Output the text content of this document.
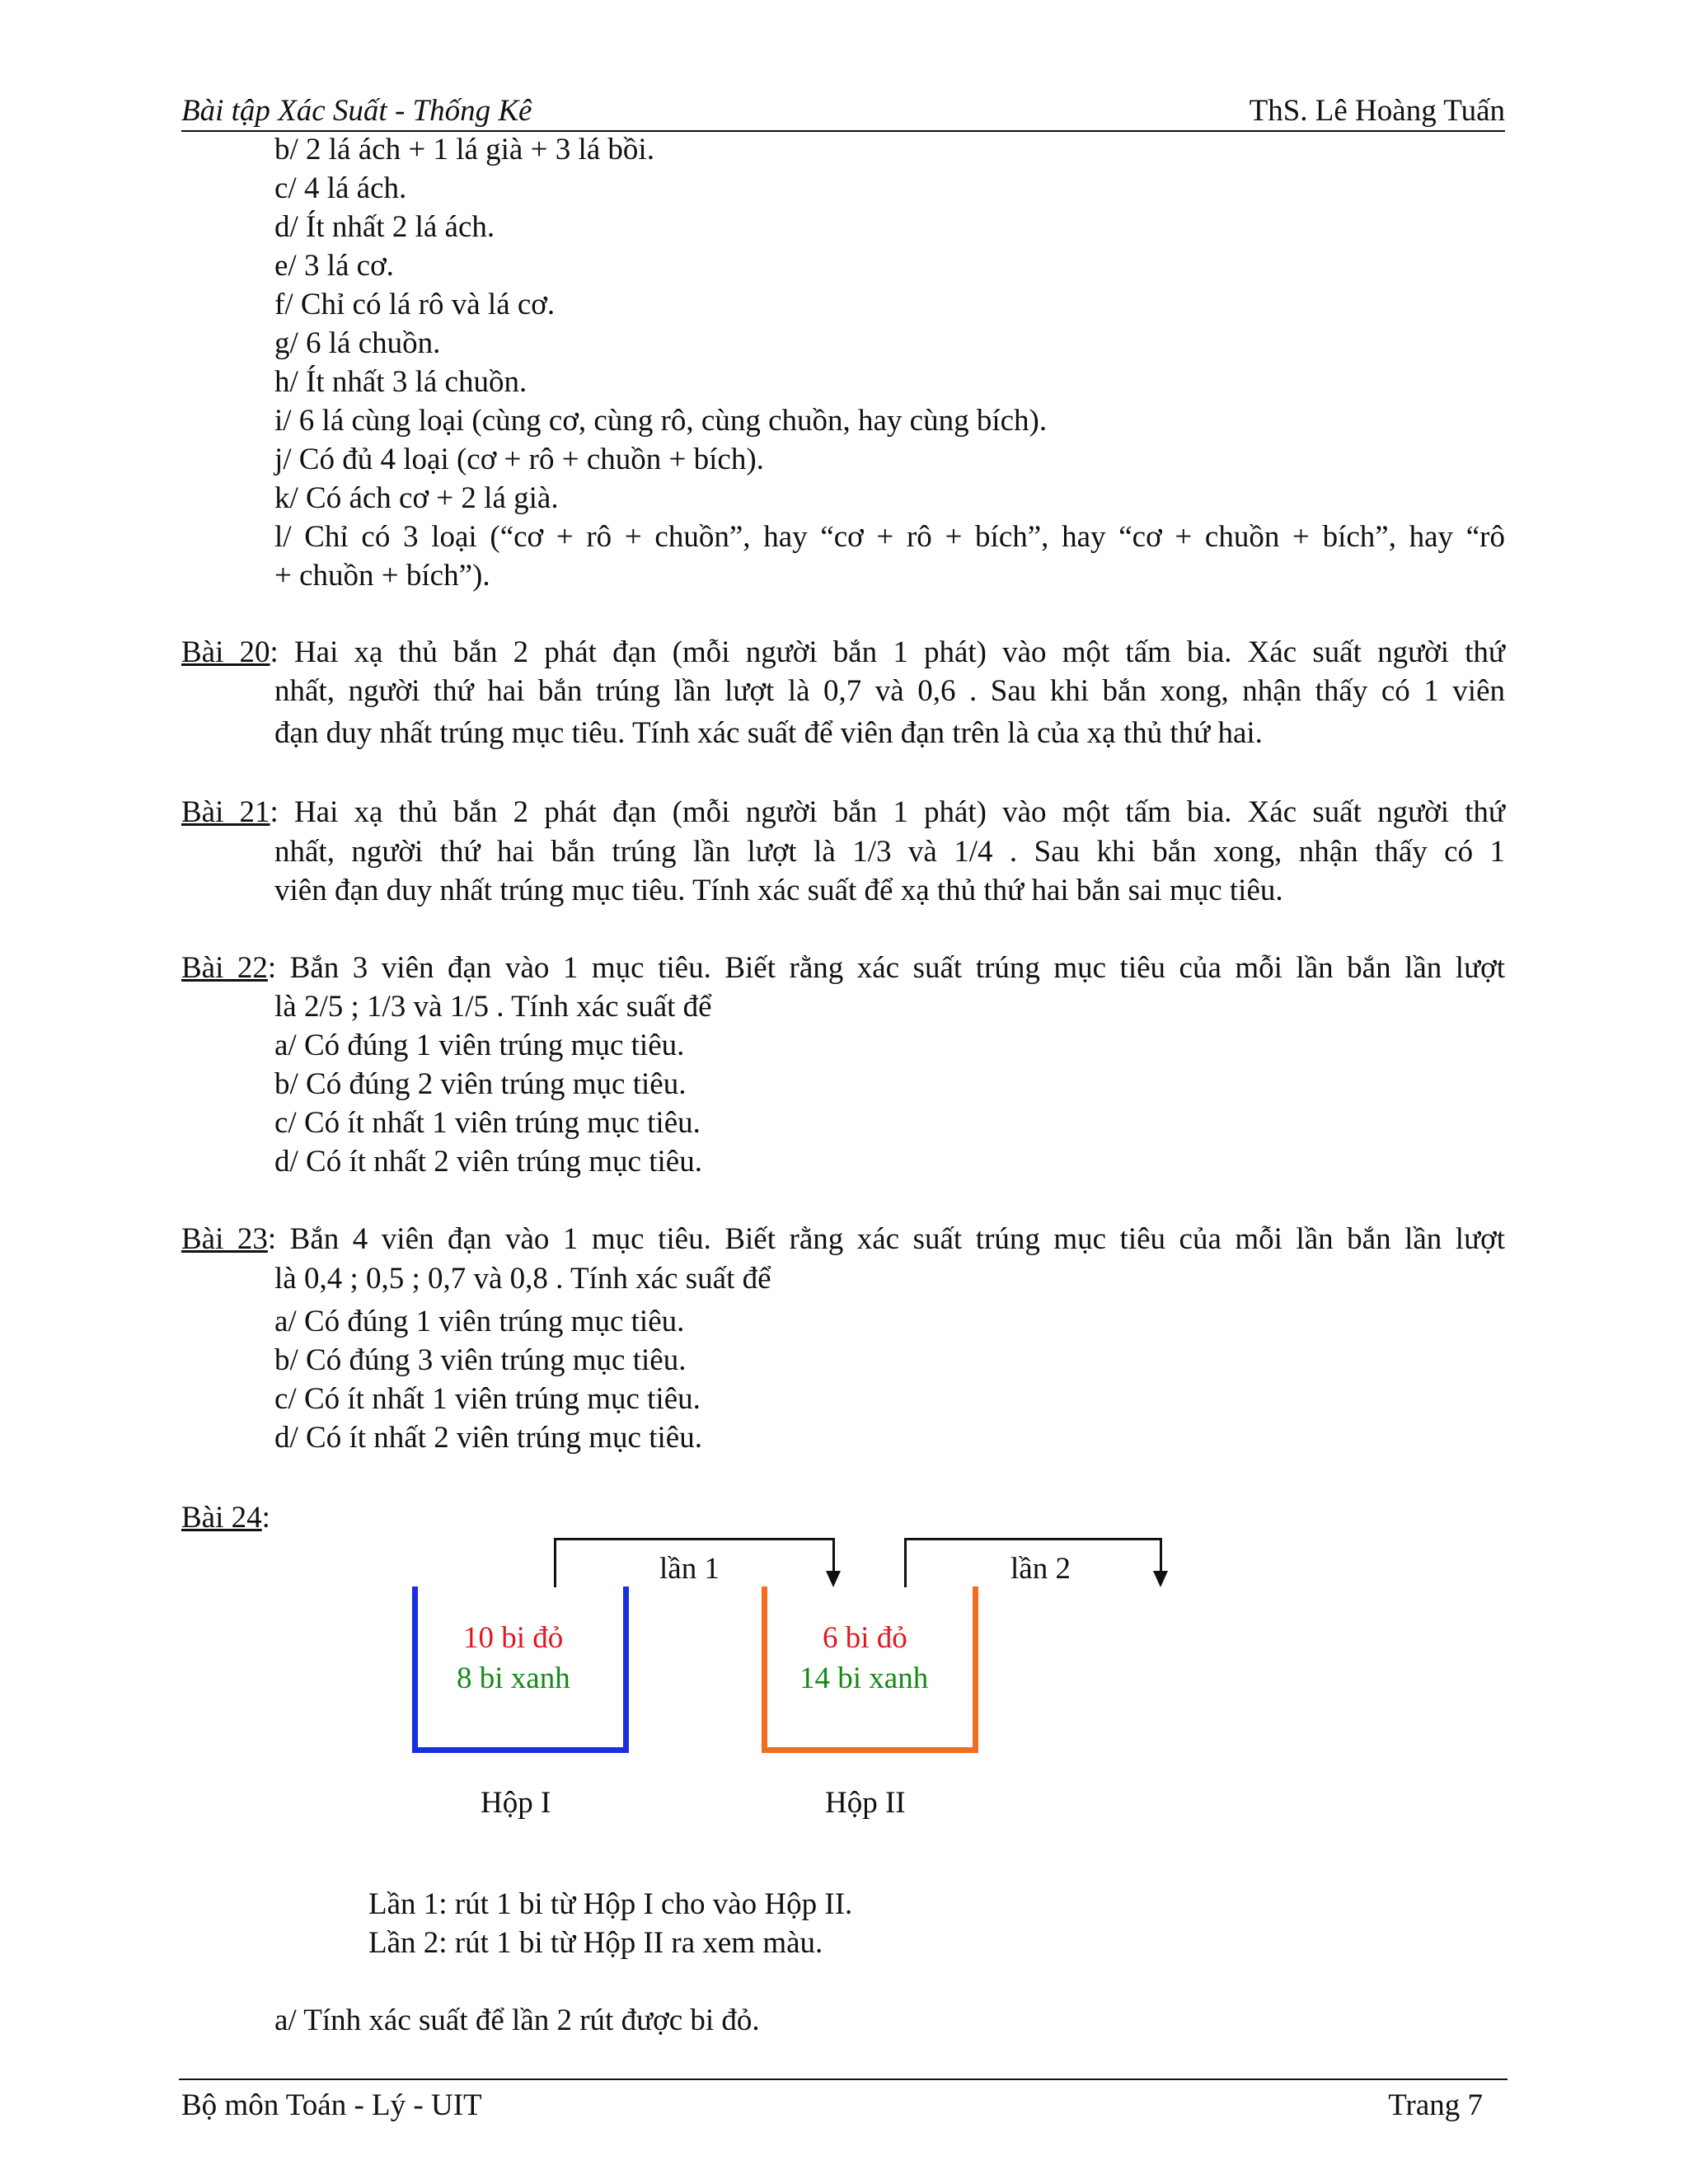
Bài tập Xác Suất - Thống Kê	ThS. Lê Hoàng Tuấn
b/ 2 lá ách + 1 lá già + 3 lá bồi.
c/ 4 lá ách.
d/ Ít nhất 2 lá ách.
e/ 3 lá cơ.
f/ Chỉ có lá rô và lá cơ.
g/ 6 lá chuồn.
h/ Ít nhất 3 lá chuồn.
i/ 6 lá cùng loại (cùng cơ, cùng rô, cùng chuồn, hay cùng bích).
j/ Có đủ 4 loại (cơ + rô + chuồn + bích).
k/ Có ách cơ + 2 lá già.
l/ Chỉ có 3 loại (“cơ + rô + chuồn”, hay “cơ + rô + bích”, hay “cơ + chuồn + bích”, hay “rô
+ chuồn + bích”).
Bài 20: Hai xạ thủ bắn 2 phát đạn (mỗi người bắn 1 phát) vào một tấm bia. Xác suất người thứ
nhất, người thứ hai bắn trúng lần lượt là 0,7 và 0,6 . Sau khi bắn xong, nhận thấy có 1 viên
đạn duy nhất trúng mục tiêu. Tính xác suất để viên đạn trên là của xạ thủ thứ hai.
Bài 21: Hai xạ thủ bắn 2 phát đạn (mỗi người bắn 1 phát) vào một tấm bia. Xác suất người thứ
nhất, người thứ hai bắn trúng lần lượt là 1/3 và 1/4 . Sau khi bắn xong, nhận thấy có 1
viên đạn duy nhất trúng mục tiêu. Tính xác suất để xạ thủ thứ hai bắn sai mục tiêu.
Bài 22: Bắn 3 viên đạn vào 1 mục tiêu. Biết rằng xác suất trúng mục tiêu của mỗi lần bắn lần lượt
là 2/5 ; 1/3 và 1/5 . Tính xác suất để
a/ Có đúng 1 viên trúng mục tiêu.
b/ Có đúng 2 viên trúng mục tiêu.
c/ Có ít nhất 1 viên trúng mục tiêu.
d/ Có ít nhất 2 viên trúng mục tiêu.
Bài 23: Bắn 4 viên đạn vào 1 mục tiêu. Biết rằng xác suất trúng mục tiêu của mỗi lần bắn lần lượt
là 0,4 ; 0,5 ; 0,7 và 0,8 . Tính xác suất để
a/ Có đúng 1 viên trúng mục tiêu.
b/ Có đúng 3 viên trúng mục tiêu.
c/ Có ít nhất 1 viên trúng mục tiêu.
d/ Có ít nhất 2 viên trúng mục tiêu.
Bài 24:
lần 1	lần 2
10 bi đỏ
8 bi xanh
Hộp I
6 bi đỏ
14 bi xanh
Hộp II
Lần 1: rút 1 bi từ Hộp I cho vào Hộp II.
Lần 2: rút 1 bi từ Hộp II ra xem màu.
a/ Tính xác suất để lần 2 rút được bi đỏ.
Bộ môn Toán - Lý - UIT	Trang 7
